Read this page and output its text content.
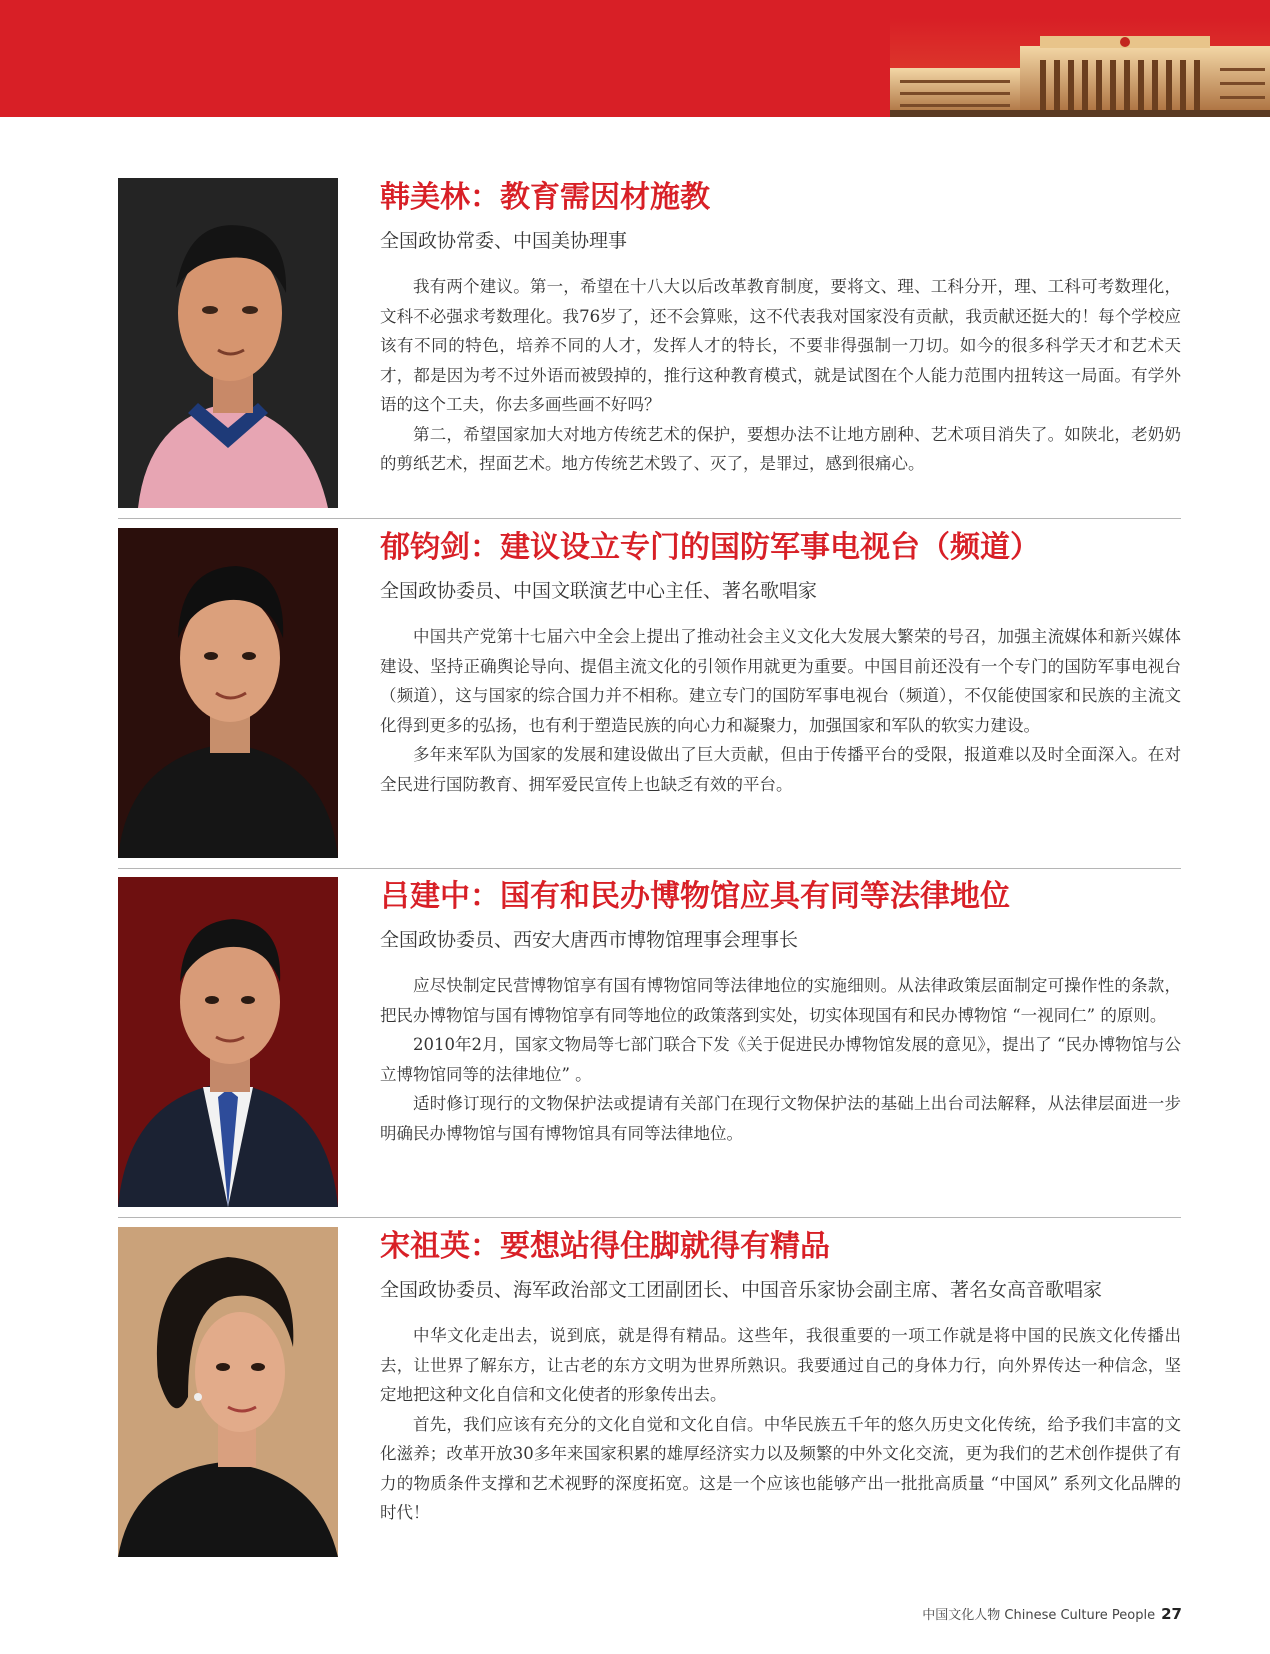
韩美林：教育需因材施教
全国政协常委、中国美协理事

我有两个建议。第一，希望在十八大以后改革教育制度，要将文、理、工科分开，理、工科可考数理化，文科不必强求考数理化。我76岁了，还不会算账，这不代表我对国家没有贡献，我贡献还挺大的！每个学校应该有不同的特色，培养不同的人才，发挥人才的特长，不要非得强制一刀切。如今的很多科学天才和艺术天才，都是因为考不过外语而被毁掉的，推行这种教育模式，就是试图在个人能力范围内扭转这一局面。有学外语的这个工夫，你去多画些画不好吗？

第二，希望国家加大对地方传统艺术的保护，要想办法不让地方剧种、艺术项目消失了。如陕北，老奶奶的剪纸艺术，捏面艺术。地方传统艺术毁了、灭了，是罪过，感到很痛心。

郁钧剑：建议设立专门的国防军事电视台（频道）
全国政协委员、中国文联演艺中心主任、著名歌唱家

中国共产党第十七届六中全会上提出了推动社会主义文化大发展大繁荣的号召，加强主流媒体和新兴媒体建设、坚持正确舆论导向、提倡主流文化的引领作用就更为重要。中国目前还没有一个专门的国防军事电视台（频道），这与国家的综合国力并不相称。建立专门的国防军事电视台（频道），不仅能使国家和民族的主流文化得到更多的弘扬，也有利于塑造民族的向心力和凝聚力，加强国家和军队的软实力建设。

多年来军队为国家的发展和建设做出了巨大贡献，但由于传播平台的受限，报道难以及时全面深入。在对全民进行国防教育、拥军爱民宣传上也缺乏有效的平台。

吕建中：国有和民办博物馆应具有同等法律地位
全国政协委员、西安大唐西市博物馆理事会理事长

应尽快制定民营博物馆享有国有博物馆同等法律地位的实施细则。从法律政策层面制定可操作性的条款，把民办博物馆与国有博物馆享有同等地位的政策落到实处，切实体现国有和民办博物馆 “一视同仁” 的原则。

2010年2月，国家文物局等七部门联合下发《关于促进民办博物馆发展的意见》，提出了 “民办博物馆与公立博物馆同等的法律地位” 。

适时修订现行的文物保护法或提请有关部门在现行文物保护法的基础上出台司法解释，从法律层面进一步明确民办博物馆与国有博物馆具有同等法律地位。

宋祖英：要想站得住脚就得有精品
全国政协委员、海军政治部文工团副团长、中国音乐家协会副主席、著名女高音歌唱家

中华文化走出去，说到底，就是得有精品。这些年，我很重要的一项工作就是将中国的民族文化传播出去，让世界了解东方，让古老的东方文明为世界所熟识。我要通过自己的身体力行，向外界传达一种信念，坚定地把这种文化自信和文化使者的形象传出去。

首先，我们应该有充分的文化自觉和文化自信。中华民族五千年的悠久历史文化传统，给予我们丰富的文化滋养；改革开放30多年来国家积累的雄厚经济实力以及频繁的中外文化交流，更为我们的艺术创作提供了有力的物质条件支撑和艺术视野的深度拓宽。这是一个应该也能够产出一批批高质量 “中国风” 系列文化品牌的时代！

中国文化人物 Chinese Culture People 27
